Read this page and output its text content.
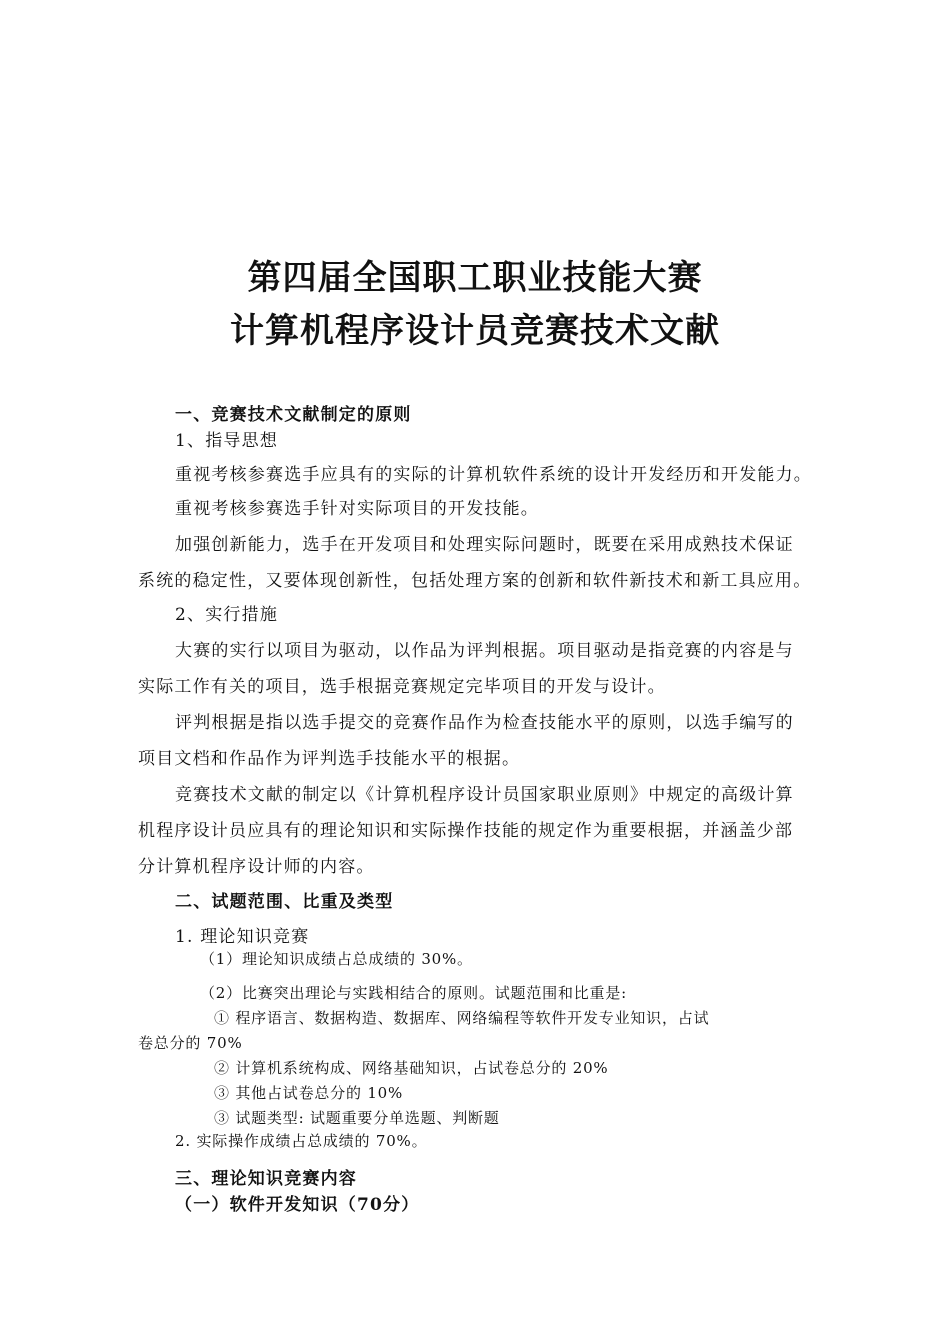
第四届全国职工职业技能大赛
计算机程序设计员竞赛技术文献
一、竞赛技术文献制定的原则
1、指导思想
重视考核参赛选手应具有的实际的计算机软件系统的设计开发经历和开发能力。
重视考核参赛选手针对实际项目的开发技能。
加强创新能力，选手在开发项目和处理实际问题时，既要在采用成熟技术保证
系统的稳定性，又要体现创新性，包括处理方案的创新和软件新技术和新工具应用。
2、实行措施
大赛的实行以项目为驱动，以作品为评判根据。项目驱动是指竞赛的内容是与
实际工作有关的项目，选手根据竞赛规定完毕项目的开发与设计。
评判根据是指以选手提交的竞赛作品作为检查技能水平的原则，以选手编写的
项目文档和作品作为评判选手技能水平的根据。
竞赛技术文献的制定以《计算机程序设计员国家职业原则》中规定的高级计算
机程序设计员应具有的理论知识和实际操作技能的规定作为重要根据，并涵盖少部
分计算机程序设计师的内容。
二、试题范围、比重及类型
1. 理论知识竞赛
（1）理论知识成绩占总成绩的 30%。
（2）比赛突出理论与实践相结合的原则。试题范围和比重是:
① 程序语言、数据构造、数据库、网络编程等软件开发专业知识，占试
卷总分的 70%
② 计算机系统构成、网络基础知识，占试卷总分的 20%
③ 其他占试卷总分的 10%
③ 试题类型: 试题重要分单选题、判断题
2. 实际操作成绩占总成绩的 70%。
三、理论知识竞赛内容
（一）软件开发知识（70分）
